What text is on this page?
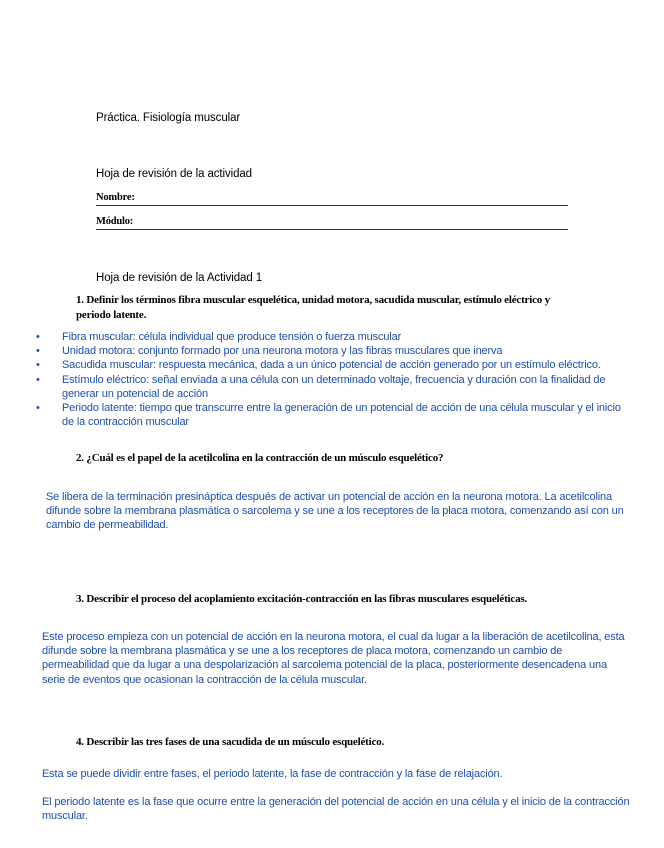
Práctica. Fisiología muscular
Hoja de revisión de la actividad
Nombre:
Módulo:
Hoja de revisión de la Actividad 1
1. Definir los términos fibra muscular esquelética, unidad motora, sacudida muscular, estímulo eléctrico y periodo latente.
• Fibra muscular: célula individual que produce tensión o fuerza muscular
• Unidad motora: conjunto formado por una neurona motora y las fibras musculares que inerva
• Sacudida muscular: respuesta mecánica, dada a un único potencial de acción generado por un estímulo eléctrico.
• Estímulo eléctrico: señal enviada a una célula con un determinado voltaje, frecuencia y duración con la finalidad de generar un potencial de acción
• Periodo latente: tiempo que transcurre entre la generación de un potencial de acción de una célula muscular y el inicio de la contracción muscular
2. ¿Cuál es el papel de la acetilcolina en la contracción de un músculo esquelético?
Se libera de la terminación presináptica después de activar un potencial de acción en la neurona motora. La acetilcolina difunde sobre la membrana plasmática o sarcolema y se une a los receptores de la placa motora, comenzando así con un cambio de permeabilidad.
3. Describir el proceso del acoplamiento excitación-contracción en las fibras musculares esqueléticas.
Este proceso empieza con un potencial de acción en la neurona motora, el cual da lugar a la liberación de acetilcolina, esta difunde sobre la membrana plasmática y se une a los receptores de placa motora, comenzando un cambio de permeabilidad que da lugar a una despolarización al sarcolema potencial de la placa, posteriormente desencadena una serie de eventos que ocasionan la contracción de la célula muscular.
4. Describir las tres fases de una sacudida de un músculo esquelético.
Esta se puede dividir entre fases, el periodo latente, la fase de contracción y la fase de relajación.
El periodo latente es la fase que ocurre entre la generación del potencial de acción en una célula y el inicio de la contracción muscular.
